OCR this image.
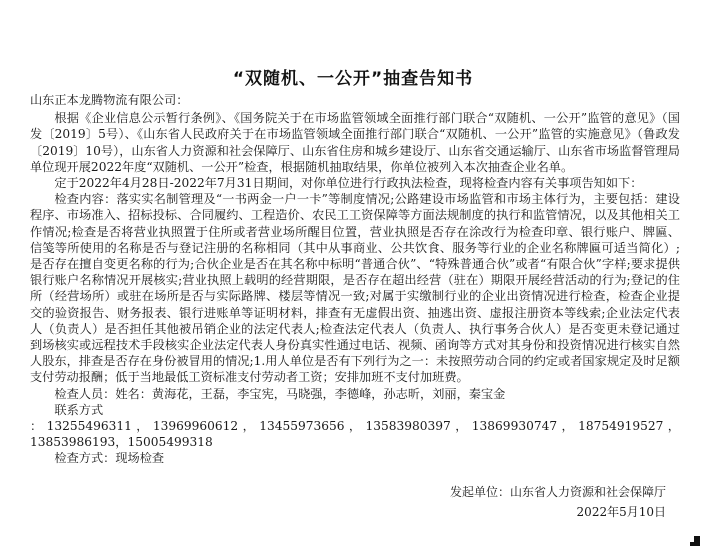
“双随机、一公开”抽查告知书

山东正本龙腾物流有限公司：

根据《企业信息公示暂行条例》、《国务院关于在市场监管领域全面推行部门联合“双随机、一公开”监管的意见》（国发〔2019〕5号）、《山东省人民政府关于在市场监管领域全面推行部门联合“双随机、一公开”监管的实施意见》（鲁政发〔2019〕10号），山东省人力资源和社会保障厅、山东省住房和城乡建设厅、山东省交通运输厅、山东省市场监督管理局单位现开展2022年度“双随机、一公开”检查，根据随机抽取结果，你单位被列入本次抽查企业名单。

定于2022年4月28日-2022年7月31日期间，对你单位进行行政执法检查，现将检查内容有关事项告知如下：

检查内容：落实实名制管理及“一书两金一户一卡”等制度情况;公路建设市场监管和市场主体行为，主要包括：建设程序、市场准入、招标投标、合同履约、工程造价、农民工工资保障等方面法规制度的执行和监管情况，以及其他相关工作情况;检查是否将营业执照置于住所或者营业场所醒目位置，营业执照是否存在涂改行为检查印章、银行账户、牌匾、信笺等所使用的名称是否与登记注册的名称相同（其中从事商业、公共饮食、服务等行业的企业名称牌匾可适当简化）;是否存在擅自变更名称的行为;合伙企业是否在其名称中标明“普通合伙”、“特殊普通合伙”或者“有限合伙”字样;要求提供银行账户名称情况开展核实;营业执照上载明的经营期限，是否存在超出经营（驻在）期限开展经营活动的行为;登记的住所（经营场所）或驻在场所是否与实际路牌、楼层等情况一致;对属于实缴制行业的企业出资情况进行检查，检查企业提交的验资报告、财务报表、银行进账单等证明材料，排查有无虚假出资、抽逃出资、虚报注册资本等线索;企业法定代表人（负责人）是否担任其他被吊销企业的法定代表人;检查法定代表人（负责人、执行事务合伙人）是否变更未登记通过到场核实或远程技术手段核实企业法定代表人身份真实性通过电话、视频、函询等方式对其身份和投资情况进行核实自然人股东，排查是否存在身份被冒用的情况;1.用人单位是否有下列行为之一：未按照劳动合同的约定或者国家规定及时足额支付劳动报酬；低于当地最低工资标准支付劳动者工资；安排加班不支付加班费。

检查人员：姓名：黄海花，王磊，李宝宪，马晓强，李德峰，孙志昕，刘丽，秦宝金

联系方式

：13255496311，13969960612，13455973656，13583980397，13869930747，18754919527，13853986193，15005499318

检查方式：现场检查

发起单位：山东省人力资源和社会保障厅
2022年5月10日
